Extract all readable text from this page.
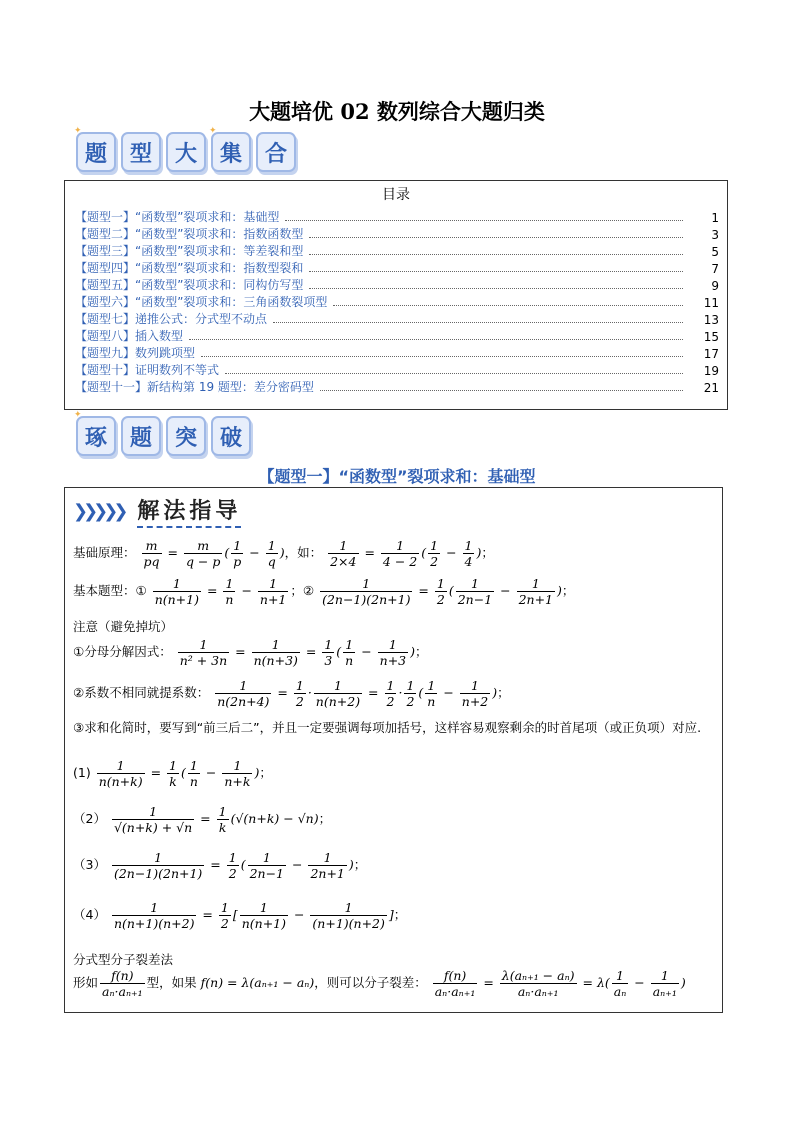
大题培优 02 数列综合大题归类
✦
题 型 大
✦
集 合
目录
【题型一】“函数型”裂项求和：基础型	1
【题型二】“函数型”裂项求和：指数函数型	3
【题型三】“函数型”裂项求和：等差裂和型	5
【题型四】“函数型”裂项求和：指数型裂和	7
【题型五】“函数型”裂项求和：同构仿写型	9
【题型六】“函数型”裂项求和：三角函数裂项型	11
【题型七】递推公式：分式型不动点	13
【题型八】插入数型	15
【题型九】数列跳项型	17
【题型十】证明数列不等式	19
【题型十一】新结构第 19 题型：差分密码型	21
✦
琢 题 突 破
【题型一】“函数型”裂项求和：基础型
❯❯❯❯❯ 解法指导
基础原理： $\frac{m}{pq} = \frac{m}{q - p}$ ( $\frac{1}{p} - \frac{1}{q}$ )，如： $\frac{1}{2\times 4} = \frac{1}{4 - 2}$ ( $\frac{1}{2} - \frac{1}{4}$ )；
基本题型：① $\frac{1}{n(n+1)} = \frac{1}{n} - \frac{1}{n+1}$ ；② $\frac{1}{(2n-1)(2n+1)} = \frac{1}{2}$ ( $\frac{1}{2n-1} - \frac{1}{2n+1}$ )；
注意（避免掉坑）
①分母分解因式： $\frac{1}{\text{n² + 3n}} = \frac{1}{n(n+3)} = \frac{1}{3}$ ( $\frac{1}{n} - \frac{1}{n+3}$ )；
②系数不相同就提系数： $\frac{1}{n(2n+4)} = \frac{1}{2} \cdot \frac{1}{n(n+2)} = \frac{1}{2} \cdot \frac{1}{2}$ ( $\frac{1}{n} - \frac{1}{n+2}$ )；
③求和化简时，要写到“前三后二”，并且一定要强调每项加括号，这样容易观察剩余的时首尾项（或正负项）对应.
$(1) \frac{1}{n(n+k)} = \frac{1}{k}$ ( $\frac{1}{n} - \frac{1}{n+k}$ )；
$(2) \frac{1}{√(n+k) + √n} = \frac{1}{k} (√(n+k) - √n)$；
$(3) \frac{1}{(2n-1)(2n+1)} = \frac{1}{2}$ ( $\frac{1}{2n-1} - \frac{1}{2n+1}$ )；
$(4) \frac{1}{n(n+1)(n+2)} = \frac{1}{2}$ [ $\frac{1}{n(n+1)} - \frac{1}{(n+1)(n+2)}$ ]；
分式型分子裂差法
形如 $\frac{f(n)}{\text{aₙ·aₙ₊₁}}$ 型，如果 f(n) = λ(aₙ₊₁ − aₙ)，则可以分子裂差： $\frac{f(n)}{\text{aₙ·aₙ₊₁}} = \frac{\text{λ(aₙ₊₁ − aₙ)}}{\text{aₙ·aₙ₊₁}} = \lambda( \frac{1}{\text{aₙ}} - \frac{1}{\text{aₙ₊₁}}$ )
